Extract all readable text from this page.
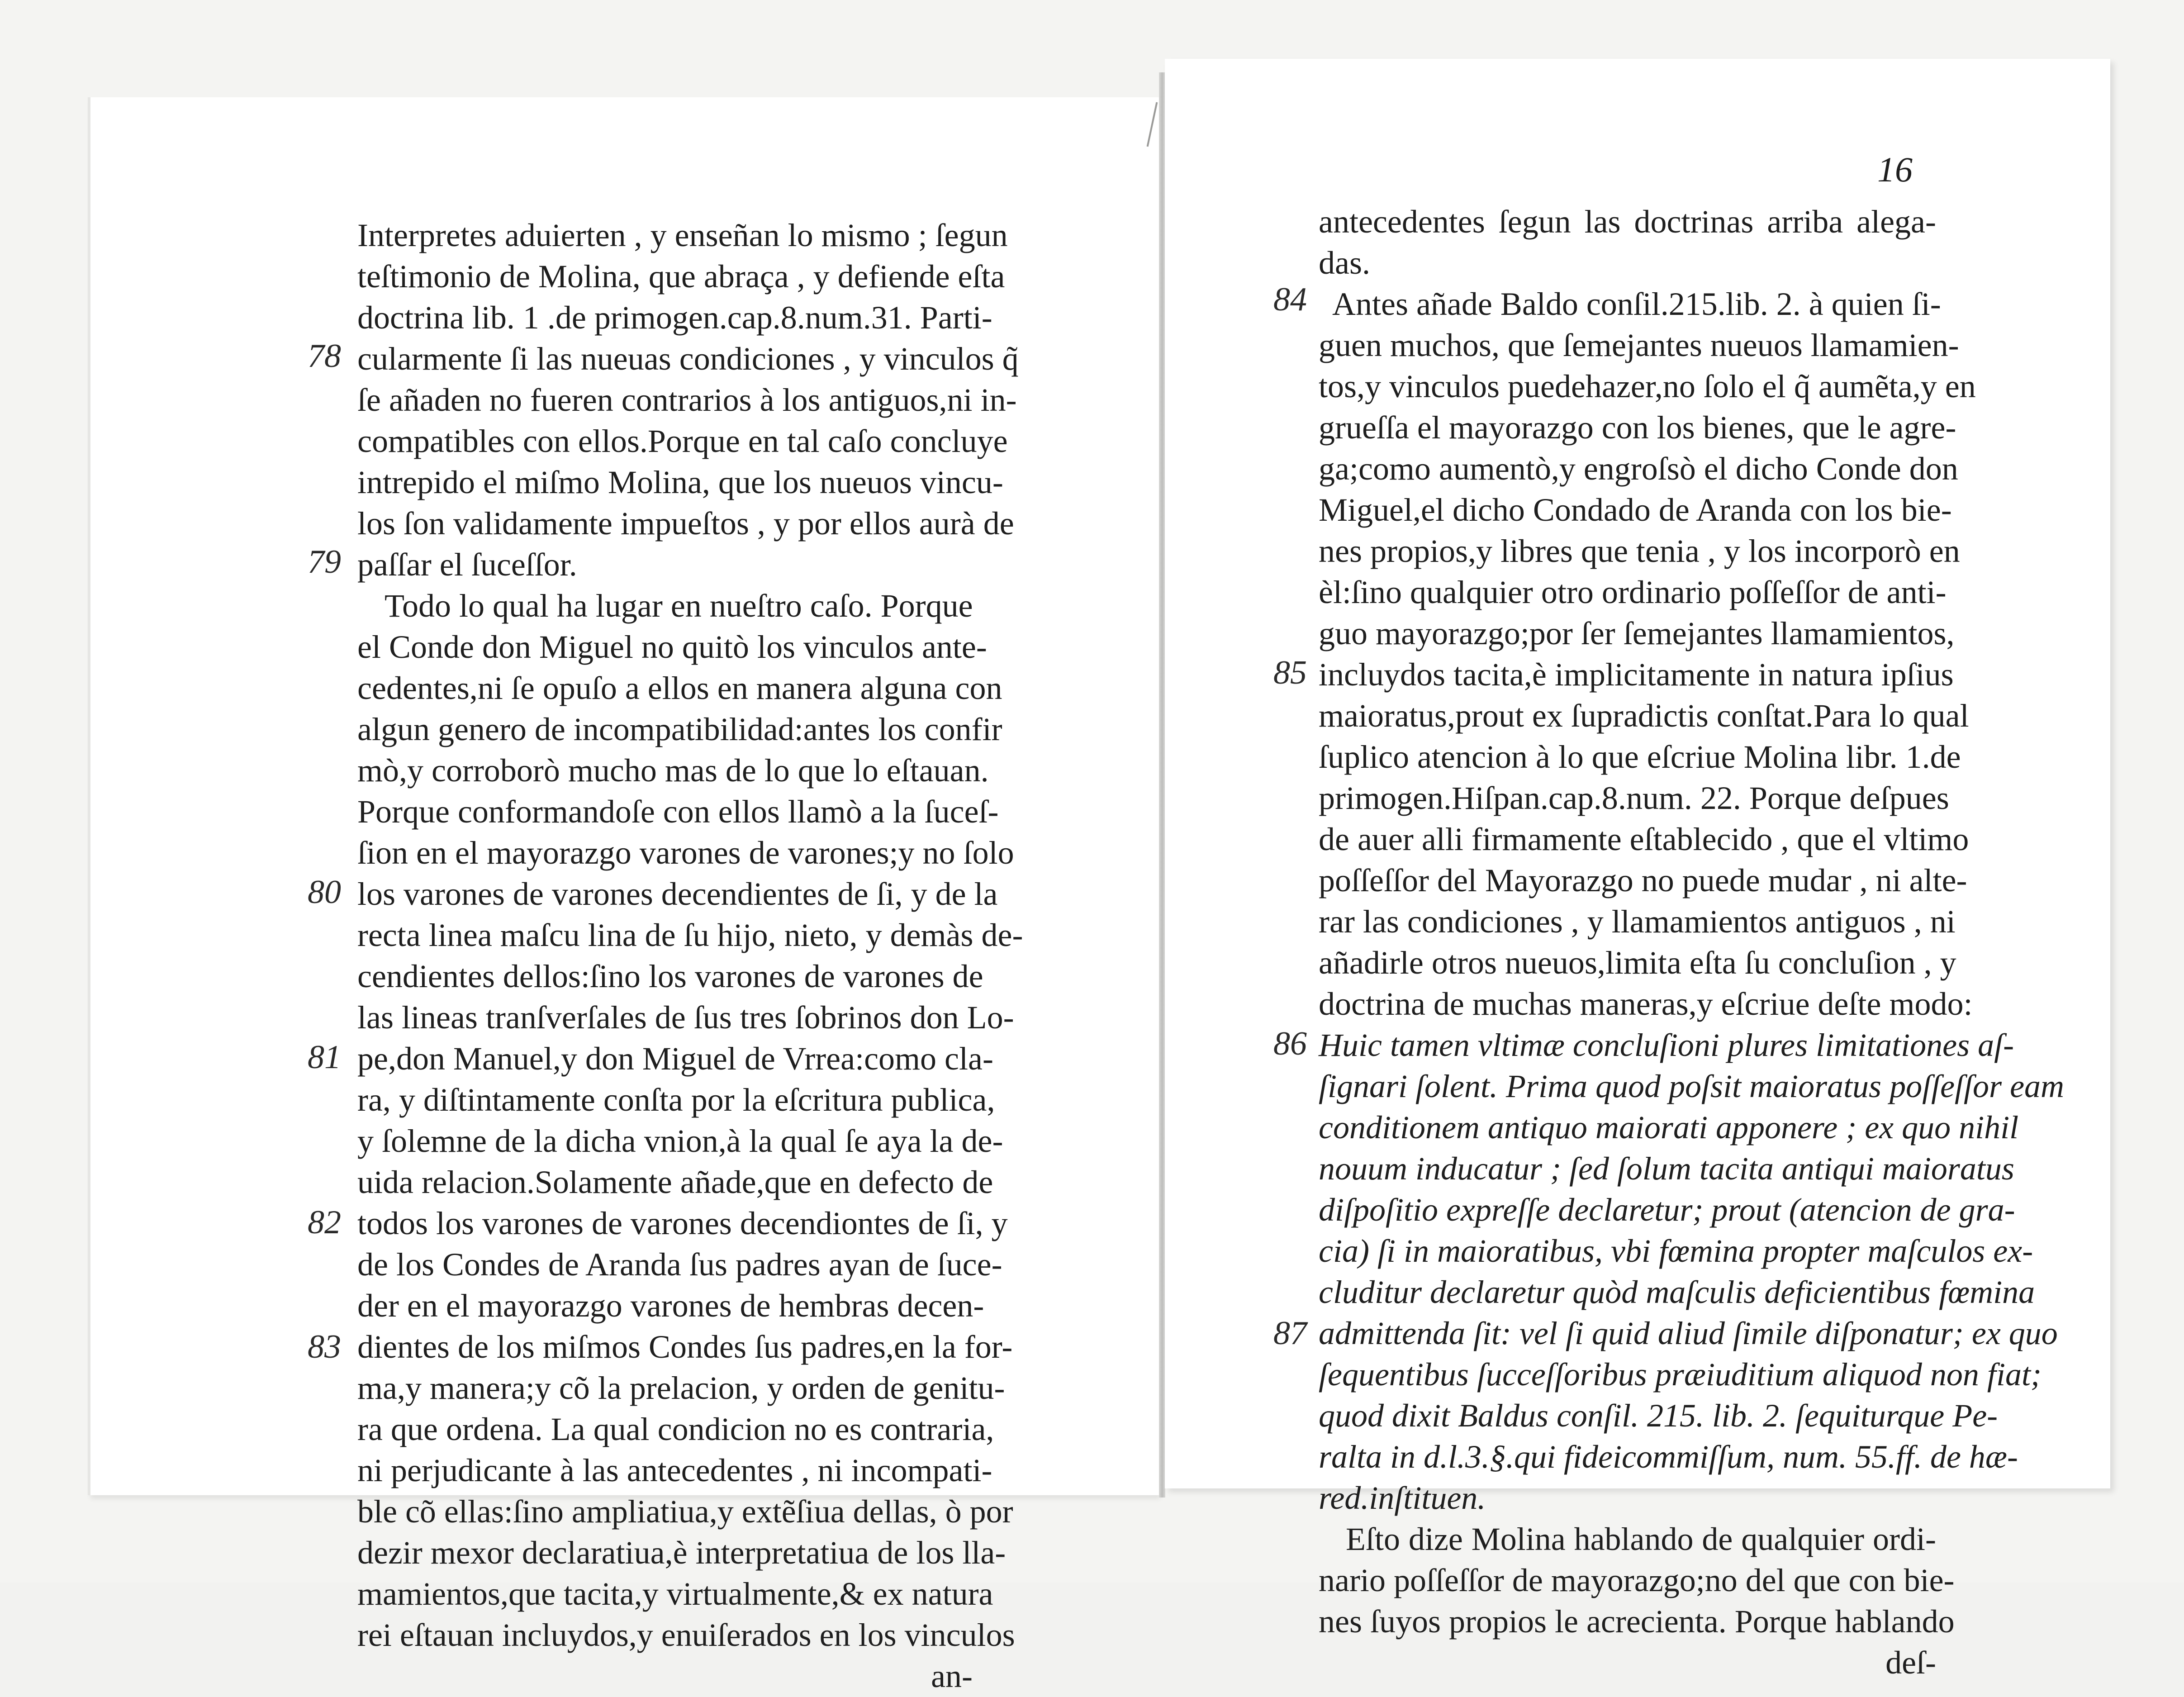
16
Interpretes aduierten , y enseñan lo mismo ; ſegun
teſtimonio de Molina, que abraça , y defiende eſta
doctrina lib. 1 .de primogen.cap.8.num.31. Parti-
cularmente ſi las nueuas condiciones , y vinculos q̃
ſe añaden no fueren contrarios à los antiguos,ni in-
compatibles con ellos.Porque en tal caſo concluye
intrepido el miſmo Molina, que los nueuos vincu-
los ſon validamente impueſtos , y por ellos aurà de
paſſar el ſuceſſor.
Todo lo qual ha lugar en nueſtro caſo. Porque
el Conde don Miguel no quitò los vinculos ante-
cedentes,ni ſe opuſo a ellos en manera alguna con
algun genero de incompatibilidad:antes los confir
mò,y corroborò mucho mas de lo que lo eſtauan.
Porque conformandoſe con ellos llamò a la ſuceſ-
ſion en el mayorazgo varones de varones;y no ſolo
los varones de varones decendientes de ſi, y de la
recta linea maſcu lina de ſu hijo, nieto, y demàs de-
cendientes dellos:ſino los varones de varones de
las lineas tranſverſales de ſus tres ſobrinos don Lo-
pe,don Manuel,y don Miguel de Vrrea:como cla-
ra, y diſtintamente conſta por la eſcritura publica,
y ſolemne de la dicha vnion,à la qual ſe aya la de-
uida relacion.Solamente añade,que en defecto de
todos los varones de varones decendiontes de ſi, y
de los Condes de Aranda ſus padres ayan de ſuce-
der en el mayorazgo varones de hembras decen-
dientes de los miſmos Condes ſus padres,en la for-
ma,y manera;y cõ la prelacion, y orden de genitu-
ra que ordena. La qual condicion no es contraria,
ni perjudicante à las antecedentes , ni incompati-
ble cõ ellas:ſino ampliatiua,y extẽſiua dellas, ò por
dezir mexor declaratiua,è interpretatiua de los lla-
mamientos,que tacita,y virtualmente,& ex natura
rei eſtauan incluydos,y enuiſerados en los vinculos
an-
78
79
80
81
82
83
antecedentes ſegun las doctrinas arriba alega-
das.
Antes añade Baldo conſil.215.lib. 2. à quien ſi-
guen muchos, que ſemejantes nueuos llamamien-
tos,y vinculos puedehazer,no ſolo el q̃ aumẽta,y en
grueſſa el mayorazgo con los bienes, que le agre-
ga;como aumentò,y engroſsò el dicho Conde don
Miguel,el dicho Condado de Aranda con los bie-
nes propios,y libres que tenia , y los incorporò en
èl:ſino qualquier otro ordinario poſſeſſor de anti-
guo mayorazgo;por ſer ſemejantes llamamientos,
incluydos tacita,è implicitamente in natura ipſius
maioratus,prout ex ſupradictis conſtat.Para lo qual
ſuplico atencion à lo que eſcriue Molina libr. 1.de
primogen.Hiſpan.cap.8.num. 22. Porque deſpues
de auer alli firmamente eſtablecido , que el vltimo
poſſeſſor del Mayorazgo no puede mudar , ni alte-
rar las condiciones , y llamamientos antiguos , ni
añadirle otros nueuos,limita eſta ſu concluſion , y
doctrina de muchas maneras,y eſcriue deſte modo:
Huic tamen vltimæ concluſioni plures limitationes aſ-
ſignari ſolent. Prima quod poſsit maioratus poſſeſſor eam
conditionem antiquo maiorati apponere ; ex quo nihil
nouum inducatur ; ſed ſolum tacita antiqui maioratus
diſpoſitio expreſſe declaretur; prout (atencion de gra-
cia) ſi in maioratibus, vbi fœmina propter maſculos ex-
cluditur declaretur quòd maſculis deficientibus fœmina
admittenda ſit: vel ſi quid aliud ſimile diſponatur; ex quo
ſequentibus ſucceſſoribus præiuditium aliquod non fiat;
quod dixit Baldus conſil. 215. lib. 2. ſequiturque Pe-
ralta in d.l.3.§.qui fideicommiſſum, num. 55.ff. de hæ-
red.inſtituen.
Eſto dize Molina hablando de qualquier ordi-
nario poſſeſſor de mayorazgo;no del que con bie-
nes ſuyos propios le acrecienta. Porque hablando
deſ-
84
85
86
87
